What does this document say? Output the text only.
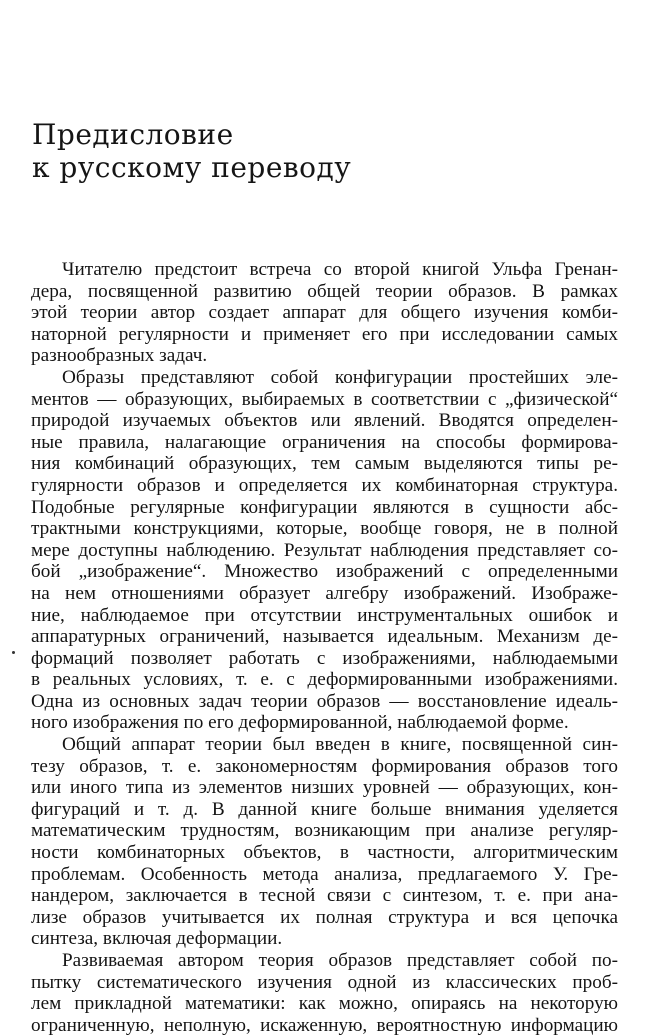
Предисловие
к русскому переводу
Читателю предстоит встреча со второй книгой Ульфа Гренан-
дера, посвященной развитию общей теории образов. В рамках
этой теории автор создает аппарат для общего изучения комби-
наторной регулярности и применяет его при исследовании самых
разнообразных задач.
Образы представляют собой конфигурации простейших эле-
ментов — образующих, выбираемых в соответствии с „физической“
природой изучаемых объектов или явлений. Вводятся определен-
ные правила, налагающие ограничения на способы формирова-
ния комбинаций образующих, тем самым выделяются типы ре-
гулярности образов и определяется их комбинаторная структура.
Подобные регулярные конфигурации являются в сущности абс-
трактными конструкциями, которые, вообще говоря, не в полной
мере доступны наблюдению. Результат наблюдения представляет со-
бой „изображение“. Множество изображений с определенными
на нем отношениями образует алгебру изображений. Изображе-
ние, наблюдаемое при отсутствии инструментальных ошибок и
аппаратурных ограничений, называется идеальным. Механизм де-
формаций позволяет работать с изображениями, наблюдаемыми
в реальных условиях, т. е. с деформированными изображениями.
Одна из основных задач теории образов — восстановление идеаль-
ного изображения по его деформированной, наблюдаемой форме.
Общий аппарат теории был введен в книге, посвященной син-
тезу образов, т. е. закономерностям формирования образов того
или иного типа из элементов низших уровней — образующих, кон-
фигураций и т. д. В данной книге больше внимания уделяется
математическим трудностям, возникающим при анализе регуляр-
ности комбинаторных объектов, в частности, алгоритмическим
проблемам. Особенность метода анализа, предлагаемого У. Гре-
нандером, заключается в тесной связи с синтезом, т. е. при ана-
лизе образов учитывается их полная структура и вся цепочка
синтеза, включая деформации.
Развиваемая автором теория образов представляет собой по-
пытку систематического изучения одной из классических проб-
лем прикладной математики: как можно, опираясь на некоторую
ограниченную, неполную, искаженную, вероятностную информацию
